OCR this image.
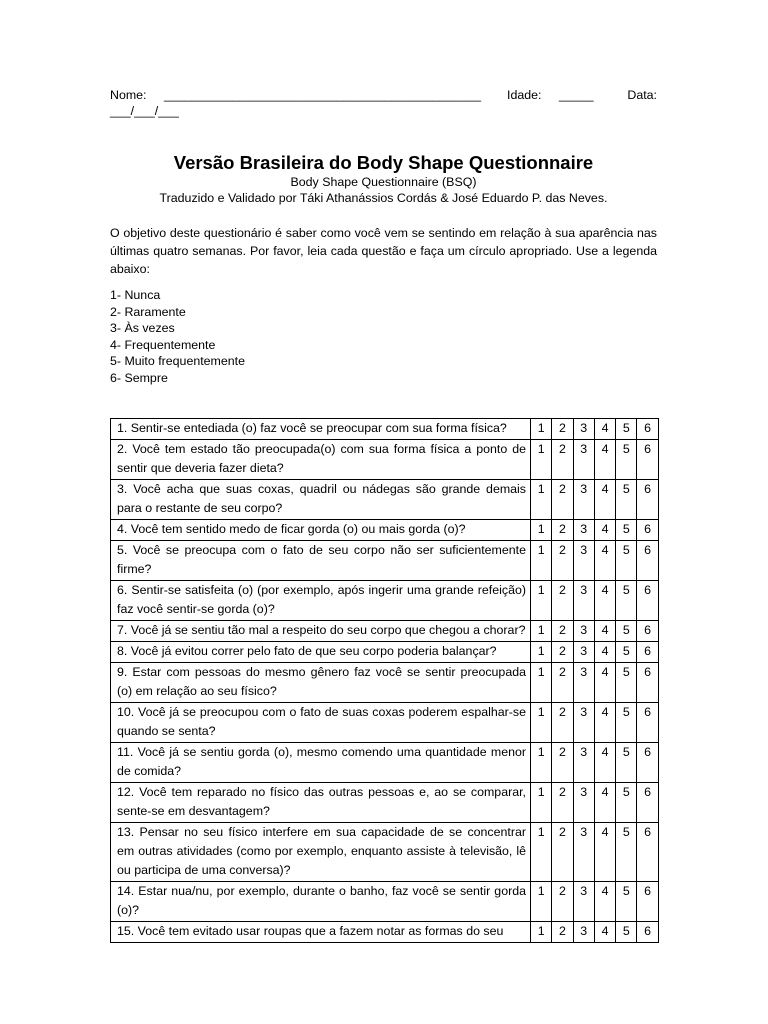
Nome: ______________________________________________ Idade: _____	Data:
___/___/___
Versão Brasileira do Body Shape Questionnaire
Body Shape Questionnaire (BSQ)
Traduzido e Validado por Táki Athanássios Cordás & José Eduardo P. das Neves.
O objetivo deste questionário é saber como você vem se sentindo em relação à sua aparência nas últimas quatro semanas. Por favor, leia cada questão e faça um círculo apropriado. Use a legenda abaixo:
1- Nunca
2- Raramente
3- Às vezes
4- Frequentemente
5- Muito frequentemente
6- Sempre
1. Sentir-se entediada (o) faz você se preocupar com sua forma física?	1	2	3	4	5	6
2. Você tem estado tão preocupada(o) com sua forma física a ponto de sentir que deveria fazer dieta?	1	2	3	4	5	6
3. Você acha que suas coxas, quadril ou nádegas são grande demais para o restante de seu corpo?	1	2	3	4	5	6
4. Você tem sentido medo de ficar gorda (o) ou mais gorda (o)?	1	2	3	4	5	6
5. Você se preocupa com o fato de seu corpo não ser suficientemente firme?	1	2	3	4	5	6
6. Sentir-se satisfeita (o) (por exemplo, após ingerir uma grande refeição) faz você sentir-se gorda (o)?	1	2	3	4	5	6
7. Você já se sentiu tão mal a respeito do seu corpo que chegou a chorar?	1	2	3	4	5	6
8. Você já evitou correr pelo fato de que seu corpo poderia balançar?	1	2	3	4	5	6
9. Estar com pessoas do mesmo gênero faz você se sentir preocupada (o) em relação ao seu físico?	1	2	3	4	5	6
10. Você já se preocupou com o fato de suas coxas poderem espalhar-se quando se senta?	1	2	3	4	5	6
11. Você já se sentiu gorda (o), mesmo comendo uma quantidade menor de comida?	1	2	3	4	5	6
12. Você tem reparado no físico das outras pessoas e, ao se comparar, sente-se em desvantagem?	1	2	3	4	5	6
13. Pensar no seu físico interfere em sua capacidade de se concentrar em outras atividades (como por exemplo, enquanto assiste à televisão, lê ou participa de uma conversa)?	1	2	3	4	5	6
14. Estar nua/nu, por exemplo, durante o banho, faz você se sentir gorda (o)?	1	2	3	4	5	6
15. Você tem evitado usar roupas que a fazem notar as formas do seu	1	2	3	4	5	6
